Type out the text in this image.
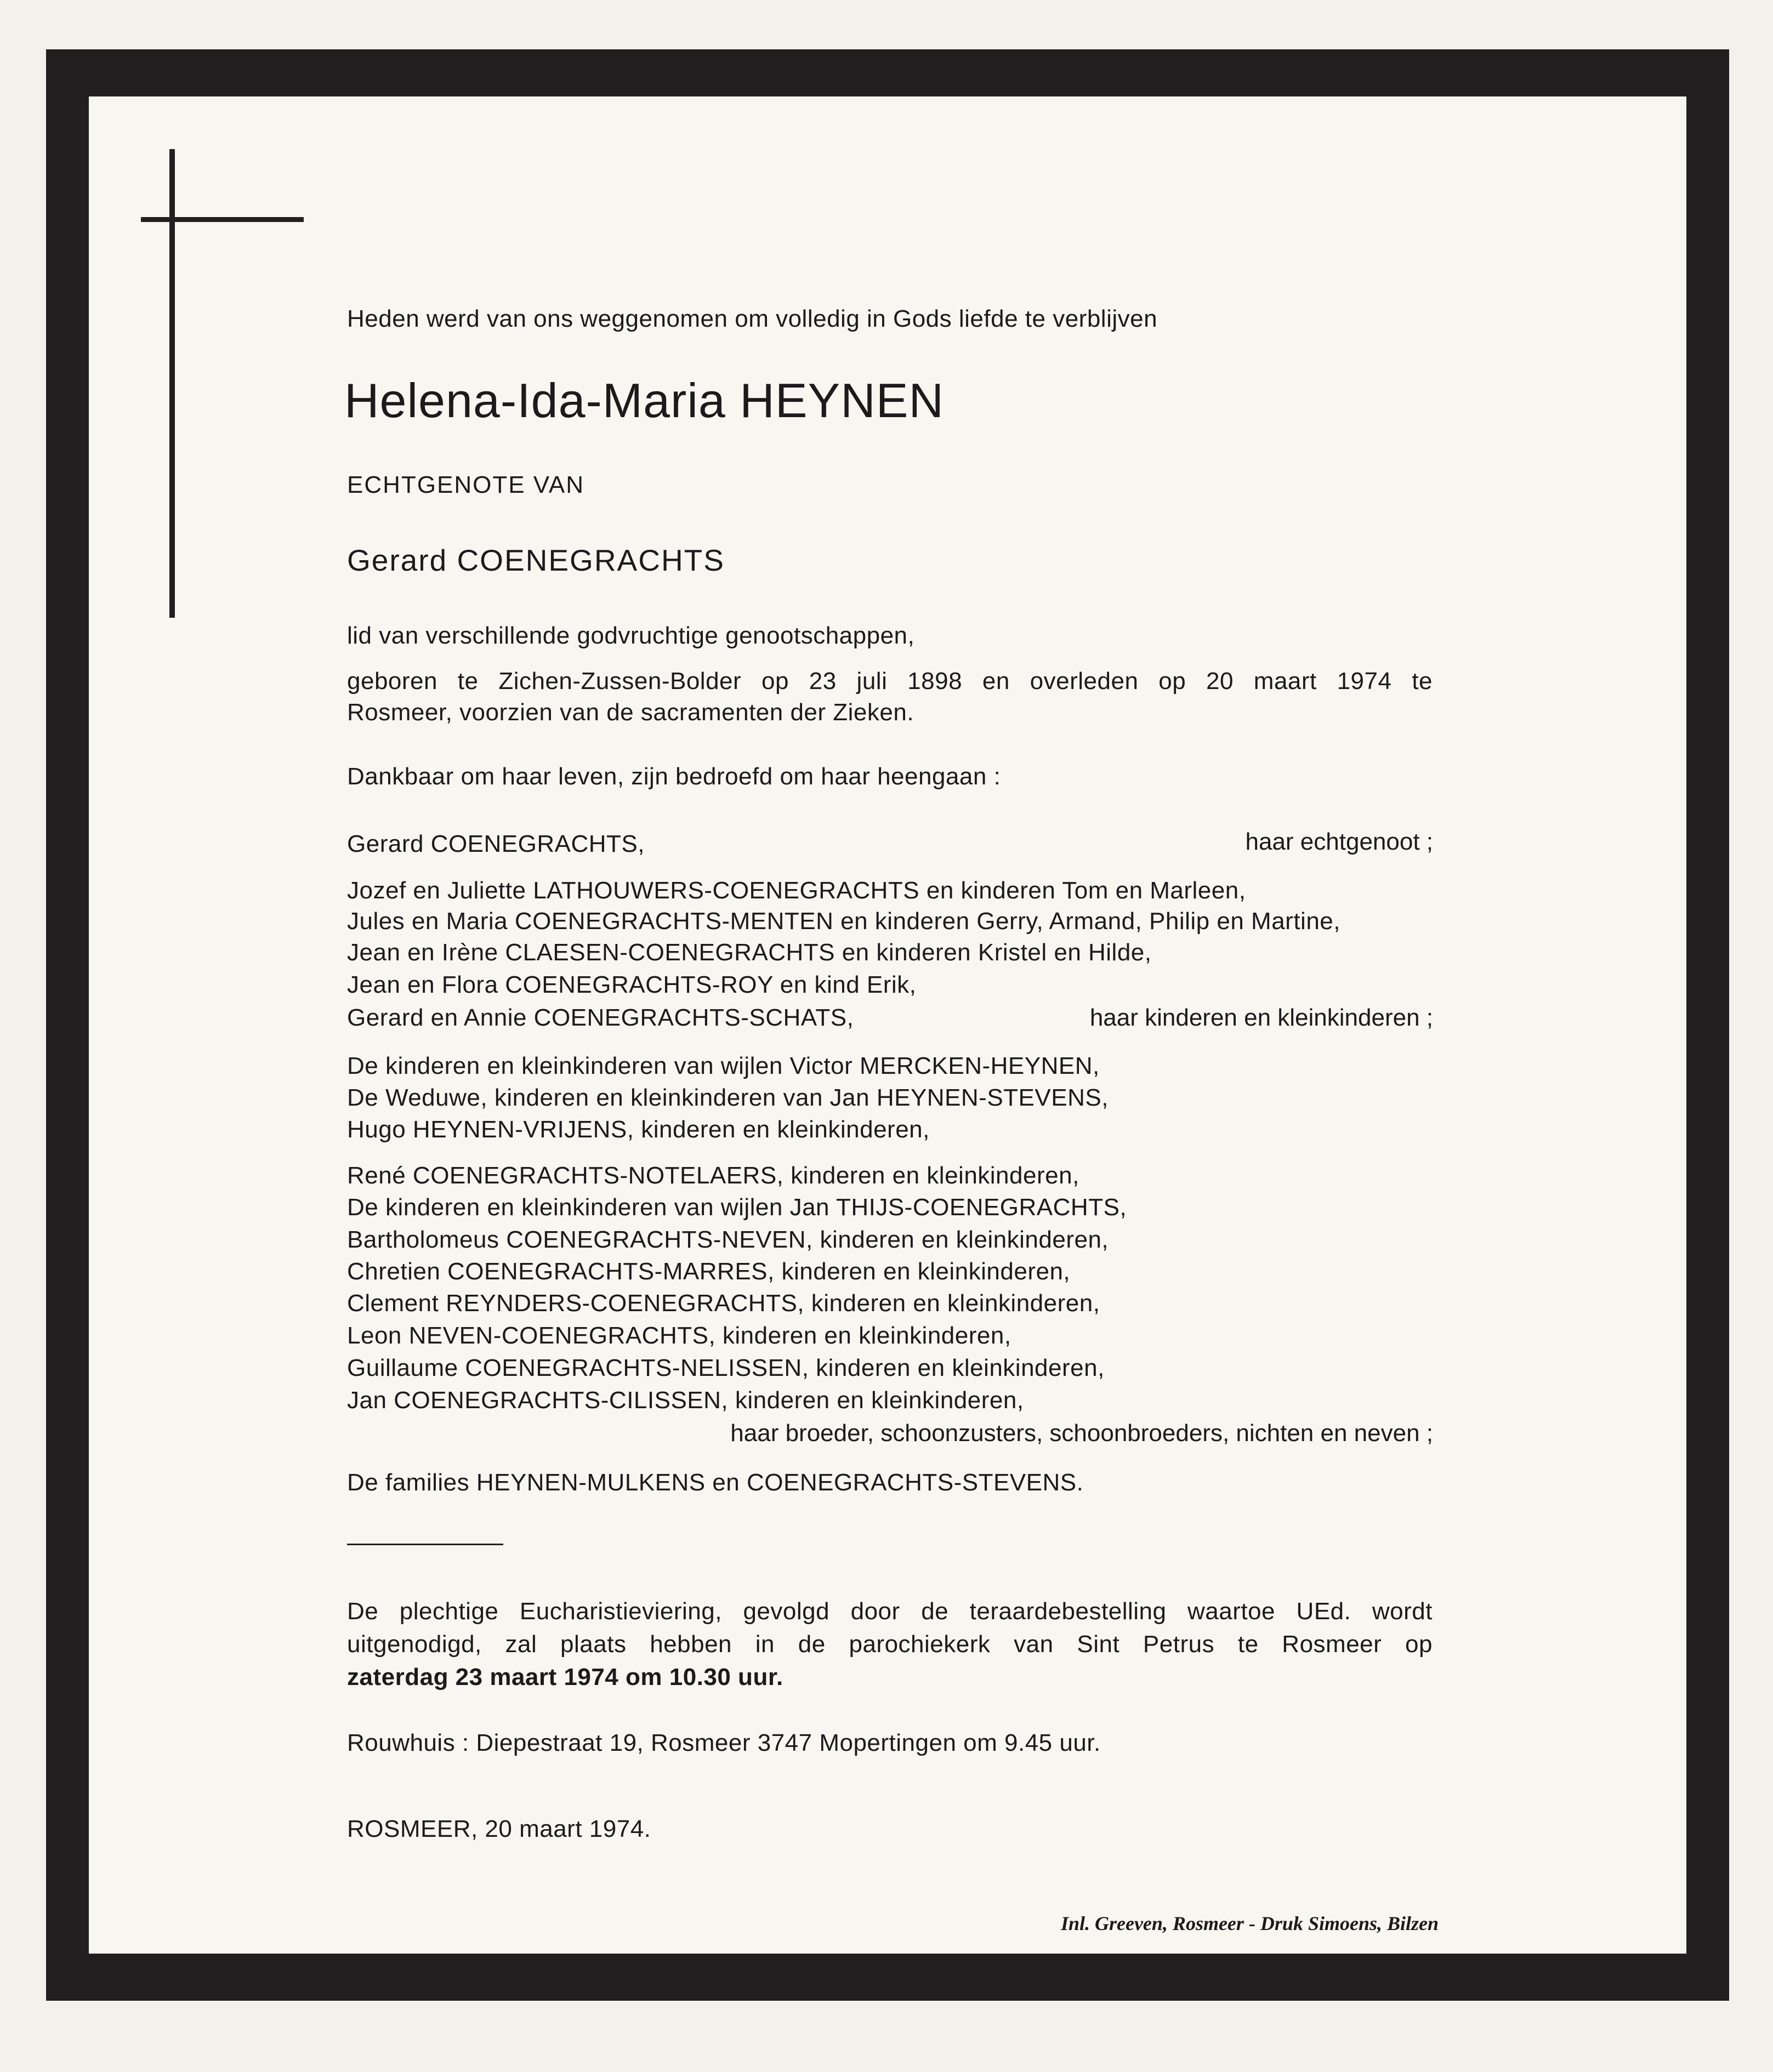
Heden werd van ons weggenomen om volledig in Gods liefde te verblijven
Helena-Ida-Maria HEYNEN
ECHTGENOTE VAN
Gerard COENEGRACHTS
lid van verschillende godvruchtige genootschappen,
geboren te Zichen-Zussen-Bolder op 23 juli 1898 en overleden op 20 maart 1974 te
Rosmeer, voorzien van de sacramenten der Zieken.
Dankbaar om haar leven, zijn bedroefd om haar heengaan :
Gerard COENEGRACHTS,	haar echtgenoot ;
Jozef en Juliette LATHOUWERS-COENEGRACHTS en kinderen Tom en Marleen,
Jules en Maria COENEGRACHTS-MENTEN en kinderen Gerry, Armand, Philip en Martine,
Jean en Irène CLAESEN-COENEGRACHTS en kinderen Kristel en Hilde,
Jean en Flora COENEGRACHTS-ROY en kind Erik,
Gerard en Annie COENEGRACHTS-SCHATS,	haar kinderen en kleinkinderen ;
De kinderen en kleinkinderen van wijlen Victor MERCKEN-HEYNEN,
De Weduwe, kinderen en kleinkinderen van Jan HEYNEN-STEVENS,
Hugo HEYNEN-VRIJENS, kinderen en kleinkinderen,
René COENEGRACHTS-NOTELAERS, kinderen en kleinkinderen,
De kinderen en kleinkinderen van wijlen Jan THIJS-COENEGRACHTS,
Bartholomeus COENEGRACHTS-NEVEN, kinderen en kleinkinderen,
Chretien COENEGRACHTS-MARRES, kinderen en kleinkinderen,
Clement REYNDERS-COENEGRACHTS, kinderen en kleinkinderen,
Leon NEVEN-COENEGRACHTS, kinderen en kleinkinderen,
Guillaume COENEGRACHTS-NELISSEN, kinderen en kleinkinderen,
Jan COENEGRACHTS-CILISSEN, kinderen en kleinkinderen,
haar broeder, schoonzusters, schoonbroeders, nichten en neven ;
De families HEYNEN-MULKENS en COENEGRACHTS-STEVENS.
De plechtige Eucharistieviering, gevolgd door de teraardebestelling waartoe UEd. wordt
uitgenodigd, zal plaats hebben in de parochiekerk van Sint Petrus te Rosmeer op
zaterdag 23 maart 1974 om 10.30 uur.
Rouwhuis : Diepestraat 19, Rosmeer 3747 Mopertingen om 9.45 uur.
ROSMEER, 20 maart 1974.
Inl. Greeven, Rosmeer - Druk Simoens, Bilzen
